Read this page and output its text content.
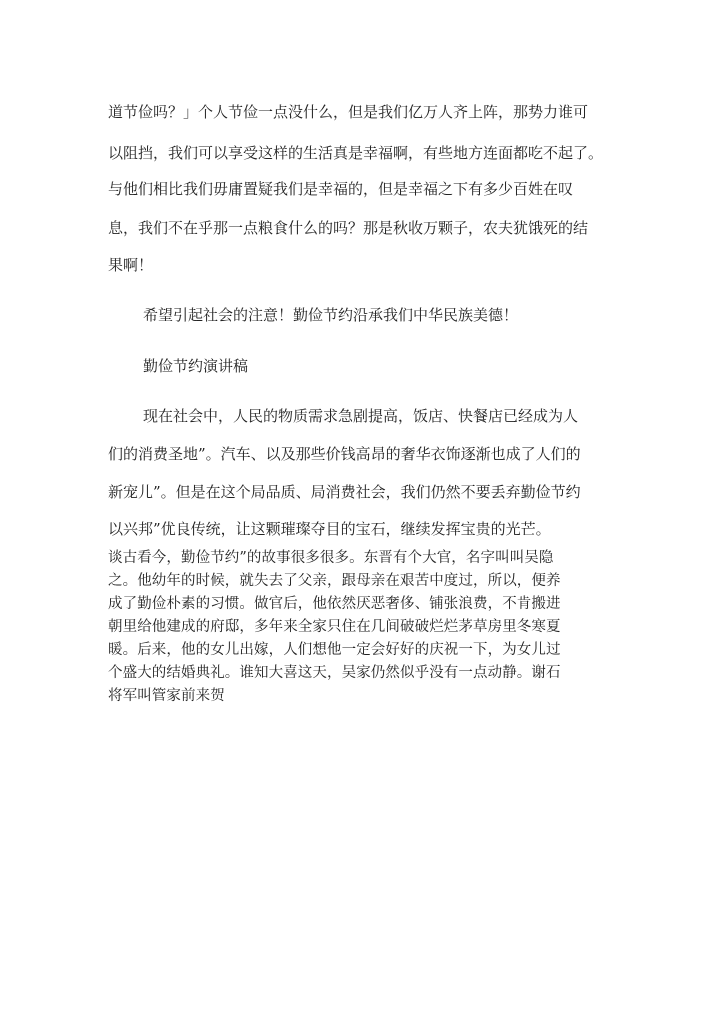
道节俭吗？」个人节俭一点没什么，但是我们亿万人齐上阵，那势力谁可
以阻挡，我们可以享受这样的生活真是幸福啊，有些地方连面都吃不起了。
与他们相比我们毋庸置疑我们是幸福的，但是幸福之下有多少百姓在叹
息，我们不在乎那一点粮食什么的吗？那是秋收万颗子，农夫犹饿死的结
果啊！
希望引起社会的注意！勤俭节约沿承我们中华民族美德！
勤俭节约演讲稿
现在社会中，人民的物质需求急剧提高，饭店、快餐店已经成为人
们的消费圣地”。汽车、以及那些价钱高昂的奢华衣饰逐渐也成了人们的
新宠儿”。但是在这个局品质、局消费社会，我们仍然不要丢弃勤俭节约
以兴邦”优良传统，让这颗璀璨夺目的宝石，继续发挥宝贵的光芒。
谈古看今，勤俭节约”的故事很多很多。东晋有个大官，名字叫叫吴隐
之。他幼年的时候，就失去了父亲，跟母亲在艰苦中度过，所以，便养
成了勤俭朴素的习惯。做官后，他依然厌恶奢侈、铺张浪费，不肯搬进
朝里给他建成的府邸，多年来全家只住在几间破破烂烂茅草房里冬寒夏
暖。后来，他的女儿出嫁，人们想他一定会好好的庆祝一下，为女儿过
个盛大的结婚典礼。谁知大喜这天，吴家仍然似乎没有一点动静。谢石
将军叫管家前来贺
